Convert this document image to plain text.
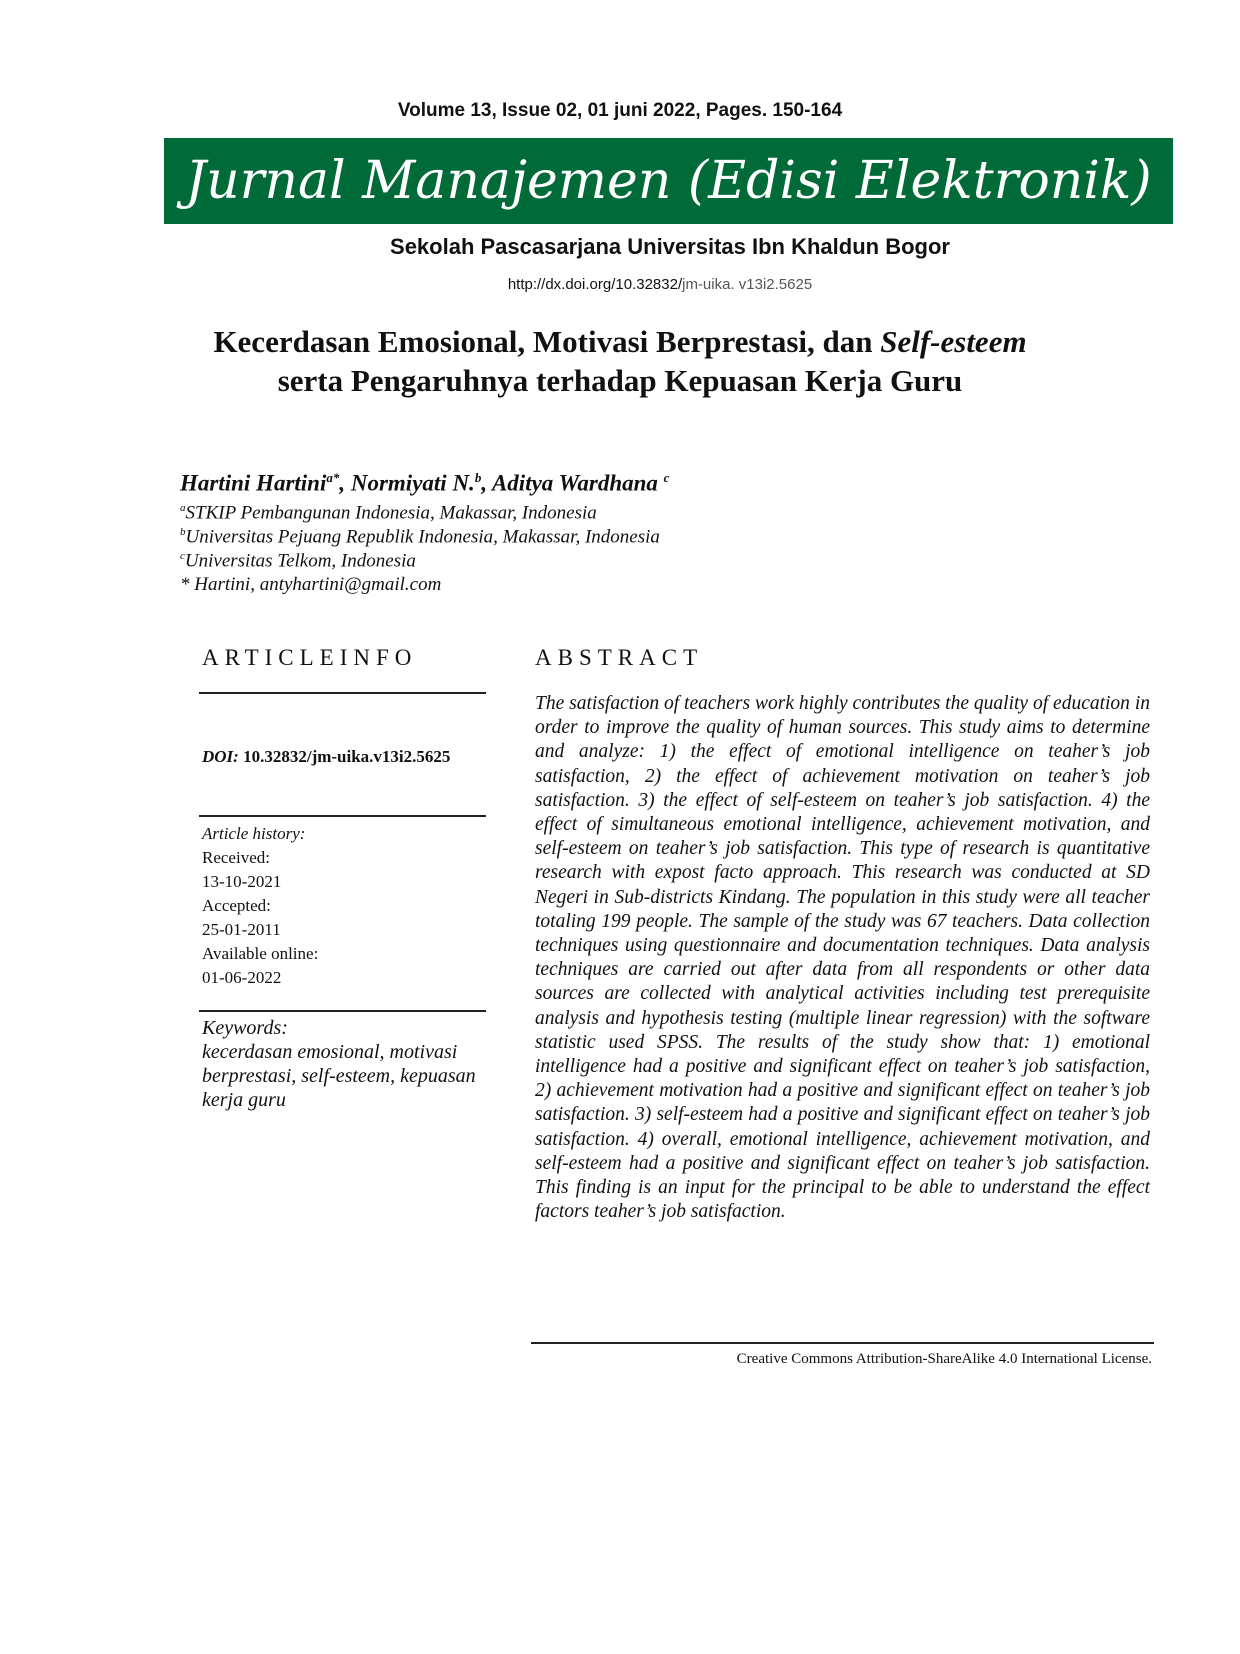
Volume 13, Issue 02, 01 juni 2022, Pages. 150-164
Jurnal Manajemen (Edisi Elektronik)
Sekolah Pascasarjana Universitas Ibn Khaldun Bogor
http://dx.doi.org/10.32832/jm-uika. v13i2.5625
Kecerdasan Emosional, Motivasi Berprestasi, dan Self-esteem
serta Pengaruhnya terhadap Kepuasan Kerja Guru
Hartini Hartini$^{a*}$, Normiyati N.$^b$, Aditya Wardhana $^c$
$^a$STKIP Pembangunan Indonesia, Makassar, Indonesia
$^b$Universitas Pejuang Republik Indonesia, Makassar, Indonesia
$^c$Universitas Telkom, Indonesia
* Hartini, antyhartini@gmail.com
ARTICLEINFO	ABSTRACT
DOI: 10.32832/jm-uika.v13i2.5625
Article history:
Received:
13-10-2021
Accepted:
25-01-2011
Available online:
01-06-2022
Keywords:
kecerdasan emosional, motivasi berprestasi, self-esteem, kepuasan kerja guru
The satisfaction of teachers work highly contributes the quality of education in order to improve the quality of human sources. This study aims to determine and analyze: 1) the effect of emotional intelligence on teaher’s job satisfaction, 2) the effect of achievement motivation on teaher’s job satisfaction. 3) the effect of self-esteem on teaher’s job satisfaction. 4) the effect of simultaneous emotional intelligence, achievement motivation, and self-esteem on teaher’s job satisfaction. This type of research is quantitative research with expost facto approach. This research was conducted at SD Negeri in Sub-districts Kindang. The population in this study were all teacher totaling 199 people. The sample of the study was 67 teachers. Data collection techniques using questionnaire and documentation techniques. Data analysis techniques are carried out after data from all respondents or other data sources are collected with analytical activities including test prerequisite analysis and hypothesis testing (multiple linear regression) with the software statistic used SPSS. The results of the study show that: 1) emotional intelligence had a positive and significant effect on teaher’s job satisfaction, 2) achievement motivation had a positive and significant effect on teaher’s job satisfaction. 3) self-esteem had a positive and significant effect on teaher’s job satisfaction. 4) overall, emotional intelligence, achievement motivation, and self-esteem had a positive and significant effect on teaher’s job satisfaction. This finding is an input for the principal to be able to understand the effect factors teaher’s job satisfaction.
Creative Commons Attribution-ShareAlike 4.0 International License.
